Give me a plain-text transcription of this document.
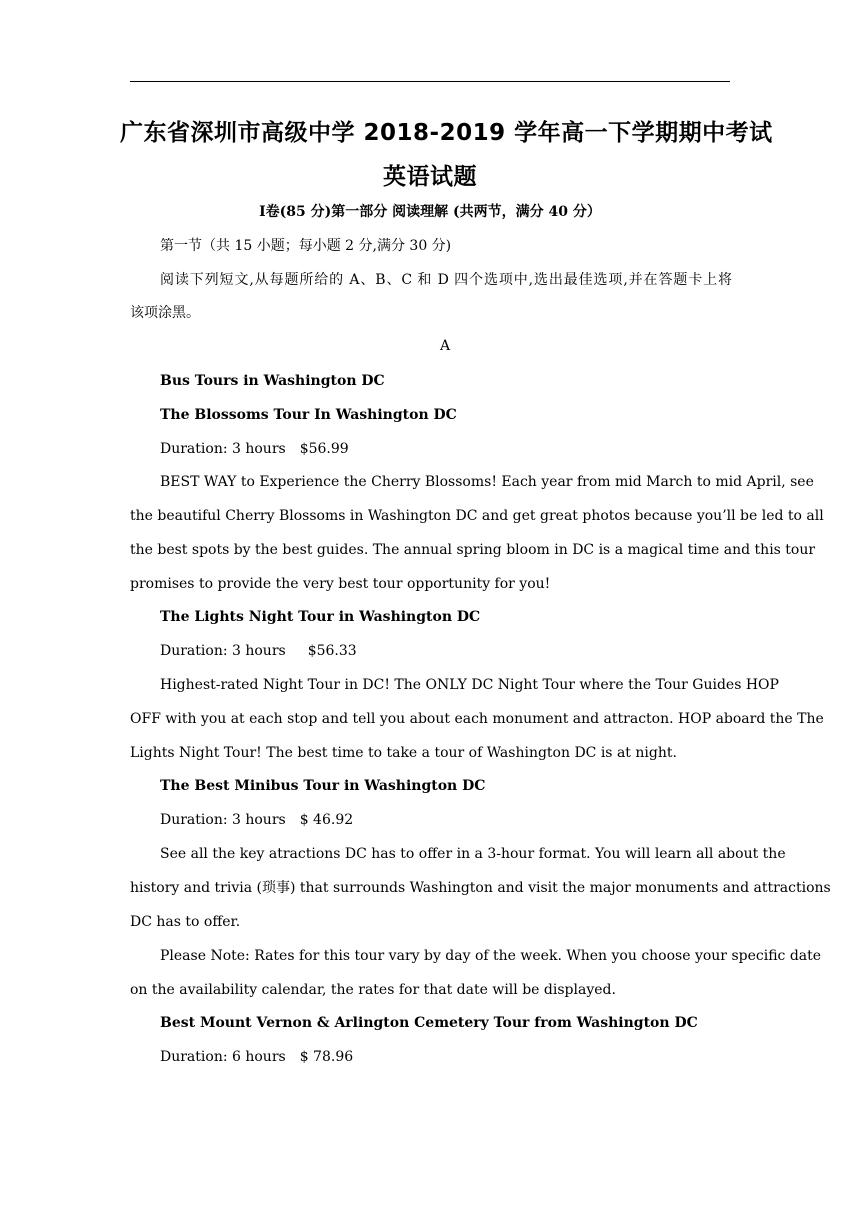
广东省深圳市高级中学 2018-2019 学年高一下学期期中考试
英语试题
Ⅰ卷(85 分)第一部分 阅读理解 (共两节，满分 40 分）
第一节（共 15 小题；每小题 2 分,满分 30 分)
阅读下列短文,从每题所给的 A、B、C 和 D 四个选项中,选出最佳选项,并在答题卡上将
该项涂黑。
A
Bus Tours in Washington DC
The Blossoms Tour In Washington DC
Duration: 3 hours $56.99
BEST WAY to Experience the Cherry Blossoms! Each year from mid March to mid April, see
the beautiful Cherry Blossoms in Washington DC and get great photos because you’ll be led to all
the best spots by the best guides. The annual spring bloom in DC is a magical time and this tour
promises to provide the very best tour opportunity for you!
The Lights Night Tour in Washington DC
Duration: 3 hours $56.33
Highest-rated Night Tour in DC! The ONLY DC Night Tour where the Tour Guides HOP
OFF with you at each stop and tell you about each monument and attracton. HOP aboard the The
Lights Night Tour! The best time to take a tour of Washington DC is at night.
The Best Minibus Tour in Washington DC
Duration: 3 hours $ 46.92
See all the key atractions DC has to offer in a 3-hour format. You will learn all about the
history and trivia (琐事) that surrounds Washington and visit the major monuments and attractions
DC has to offer.
Please Note: Rates for this tour vary by day of the week. When you choose your specific date
on the availability calendar, the rates for that date will be displayed.
Best Mount Vernon & Arlington Cemetery Tour from Washington DC
Duration: 6 hours $ 78.96
